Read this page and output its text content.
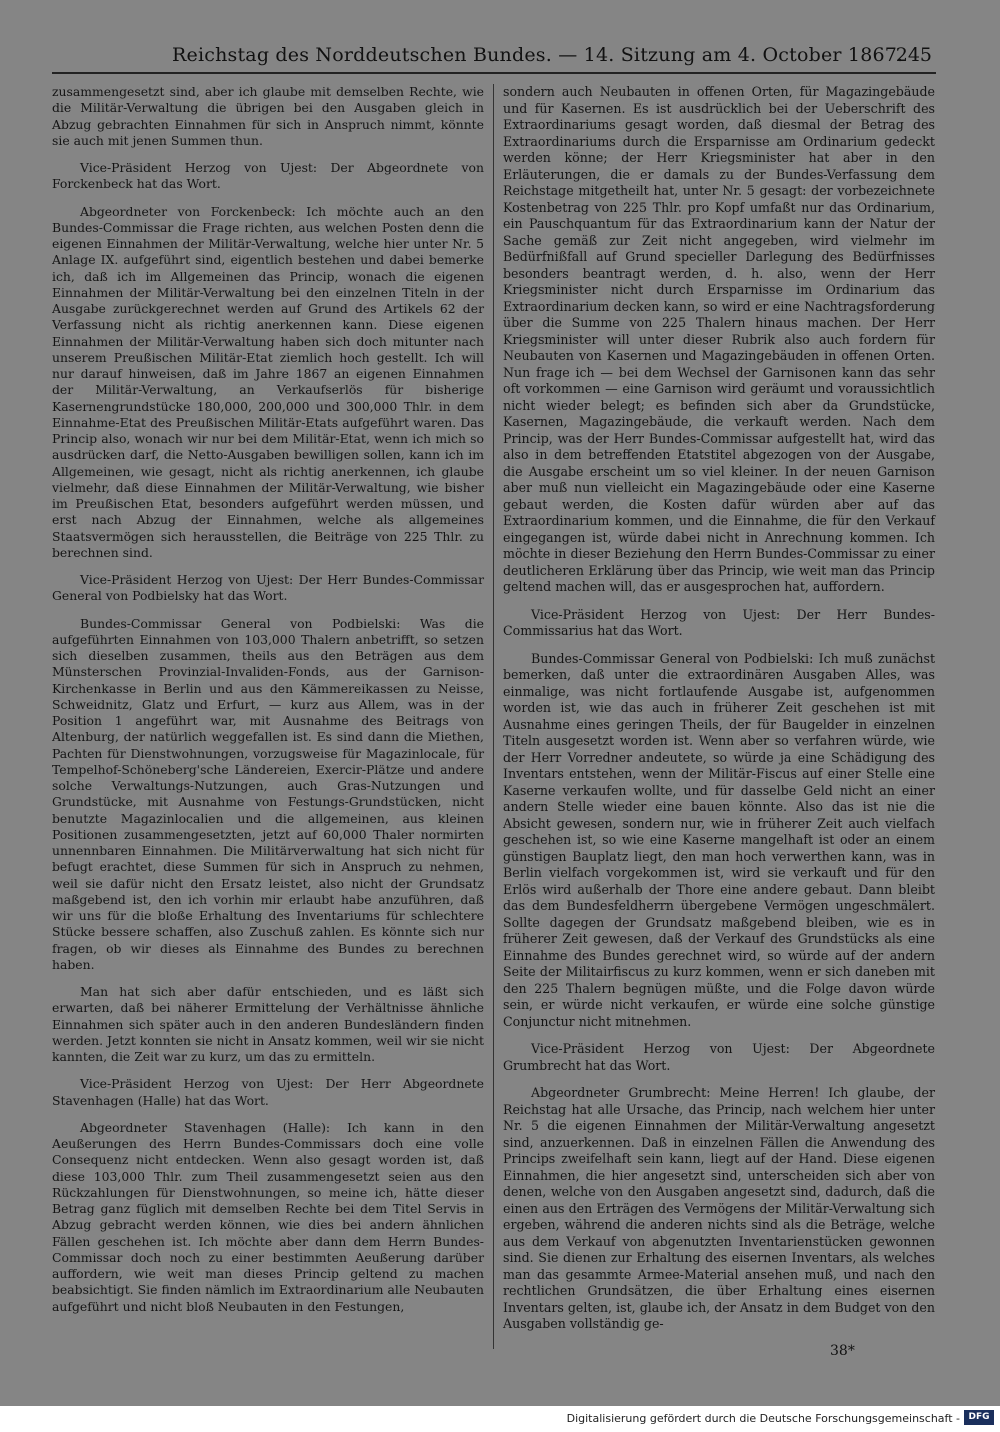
Reichstag des Norddeutschen Bundes. — 14. Sitzung am 4. October 1867.
245

zusammengesetzt sind, aber ich glaube mit demselben Rechte, wie die Militär-Verwaltung die übrigen bei den Ausgaben gleich in Abzug gebrachten Einnahmen für sich in Anspruch nimmt, könnte sie auch mit jenen Summen thun.

Vice-Präsident Herzog von Ujest: Der Abgeordnete von Forckenbeck hat das Wort.

Abgeordneter von Forckenbeck: Ich möchte auch an den Bundes-Commissar die Frage richten, aus welchen Posten denn die eigenen Einnahmen der Militär-Verwaltung, welche hier unter Nr. 5 Anlage IX. aufgeführt sind, eigentlich bestehen und dabei bemerke ich, daß ich im Allgemeinen das Princip, wonach die eigenen Einnahmen der Militär-Verwaltung bei den einzelnen Titeln in der Ausgabe zurückgerechnet werden auf Grund des Artikels 62 der Verfassung nicht als richtig anerkennen kann. Diese eigenen Einnahmen der Militär-Verwaltung haben sich doch mitunter nach unserem Preußischen Militär-Etat ziemlich hoch gestellt. Ich will nur darauf hinweisen, daß im Jahre 1867 an eigenen Einnahmen der Militär-Verwaltung, an Verkaufserlös für bisherige Kasernengrundstücke 180,000, 200,000 und 300,000 Thlr. in dem Einnahme-Etat des Preußischen Militär-Etats aufgeführt waren. Das Princip also, wonach wir nur bei dem Militär-Etat, wenn ich mich so ausdrücken darf, die Netto-Ausgaben bewilligen sollen, kann ich im Allgemeinen, wie gesagt, nicht als richtig anerkennen, ich glaube vielmehr, daß diese Einnahmen der Militär-Verwaltung, wie bisher im Preußischen Etat, besonders aufgeführt werden müssen, und erst nach Abzug der Einnahmen, welche als allgemeines Staatsvermögen sich herausstellen, die Beiträge von 225 Thlr. zu berechnen sind.

Vice-Präsident Herzog von Ujest: Der Herr Bundes-Commissar General von Podbielsky hat das Wort.

Bundes-Commissar General von Podbielski: Was die aufgeführten Einnahmen von 103,000 Thalern anbetrifft, so setzen sich dieselben zusammen, theils aus den Beträgen aus dem Münsterschen Provinzial-Invaliden-Fonds, aus der Garnison-Kirchenkasse in Berlin und aus den Kämmereikassen zu Neisse, Schweidnitz, Glatz und Erfurt, — kurz aus Allem, was in der Position 1 angeführt war, mit Ausnahme des Beitrags von Altenburg, der natürlich weggefallen ist. Es sind dann die Miethen, Pachten für Dienstwohnungen, vorzugsweise für Magazinlocale, für Tempelhof-Schöneberg'sche Ländereien, Exercir-Plätze und andere solche Verwaltungs-Nutzungen, auch Gras-Nutzungen und Grundstücke, mit Ausnahme von Festungs-Grundstücken, nicht benutzte Magazinlocalien und die allgemeinen, aus kleinen Positionen zusammengesetzten, jetzt auf 60,000 Thaler normirten unnennbaren Einnahmen. Die Militärverwaltung hat sich nicht für befugt erachtet, diese Summen für sich in Anspruch zu nehmen, weil sie dafür nicht den Ersatz leistet, also nicht der Grundsatz maßgebend ist, den ich vorhin mir erlaubt habe anzuführen, daß wir uns für die bloße Erhaltung des Inventariums für schlechtere Stücke bessere schaffen, also Zuschuß zahlen. Es könnte sich nur fragen, ob wir dieses als Einnahme des Bundes zu berechnen haben.

Man hat sich aber dafür entschieden, und es läßt sich erwarten, daß bei näherer Ermittelung der Verhältnisse ähnliche Einnahmen sich später auch in den anderen Bundesländern finden werden. Jetzt konnten sie nicht in Ansatz kommen, weil wir sie nicht kannten, die Zeit war zu kurz, um das zu ermitteln.

Vice-Präsident Herzog von Ujest: Der Herr Abgeordnete Stavenhagen (Halle) hat das Wort.

Abgeordneter Stavenhagen (Halle): Ich kann in den Aeußerungen des Herrn Bundes-Commissars doch eine volle Consequenz nicht entdecken. Wenn also gesagt worden ist, daß diese 103,000 Thlr. zum Theil zusammengesetzt seien aus den Rückzahlungen für Dienstwohnungen, so meine ich, hätte dieser Betrag ganz füglich mit demselben Rechte bei dem Titel Servis in Abzug gebracht werden können, wie dies bei andern ähnlichen Fällen geschehen ist. Ich möchte aber dann dem Herrn Bundes-Commissar doch noch zu einer bestimmten Aeußerung darüber auffordern, wie weit man dieses Princip geltend zu machen beabsichtigt. Sie finden nämlich im Extraordinarium alle Neubauten aufgeführt und nicht bloß Neubauten in den Festungen,

sondern auch Neubauten in offenen Orten, für Magazingebäude und für Kasernen. Es ist ausdrücklich bei der Ueberschrift des Extraordinariums gesagt worden, daß diesmal der Betrag des Extraordinariums durch die Ersparnisse am Ordinarium gedeckt werden könne; der Herr Kriegsminister hat aber in den Erläuterungen, die er damals zu der Bundes-Verfassung dem Reichstage mitgetheilt hat, unter Nr. 5 gesagt: der vorbezeichnete Kostenbetrag von 225 Thlr. pro Kopf umfaßt nur das Ordinarium, ein Pauschquantum für das Extraordinarium kann der Natur der Sache gemäß zur Zeit nicht angegeben, wird vielmehr im Bedürfnißfall auf Grund specieller Darlegung des Bedürfnisses besonders beantragt werden, d. h. also, wenn der Herr Kriegsminister nicht durch Ersparnisse im Ordinarium das Extraordinarium decken kann, so wird er eine Nachtragsforderung über die Summe von 225 Thalern hinaus machen. Der Herr Kriegsminister will unter dieser Rubrik also auch fordern für Neubauten von Kasernen und Magazingebäuden in offenen Orten. Nun frage ich — bei dem Wechsel der Garnisonen kann das sehr oft vorkommen — eine Garnison wird geräumt und voraussichtlich nicht wieder belegt; es befinden sich aber da Grundstücke, Kasernen, Magazingebäude, die verkauft werden. Nach dem Princip, was der Herr Bundes-Commissar aufgestellt hat, wird das also in dem betreffenden Etatstitel abgezogen von der Ausgabe, die Ausgabe erscheint um so viel kleiner. In der neuen Garnison aber muß nun vielleicht ein Magazingebäude oder eine Kaserne gebaut werden, die Kosten dafür würden aber auf das Extraordinarium kommen, und die Einnahme, die für den Verkauf eingegangen ist, würde dabei nicht in Anrechnung kommen. Ich möchte in dieser Beziehung den Herrn Bundes-Commissar zu einer deutlicheren Erklärung über das Princip, wie weit man das Princip geltend machen will, das er ausgesprochen hat, auffordern.

Vice-Präsident Herzog von Ujest: Der Herr Bundes-Commissarius hat das Wort.

Bundes-Commissar General von Podbielski: Ich muß zunächst bemerken, daß unter die extraordinären Ausgaben Alles, was einmalige, was nicht fortlaufende Ausgabe ist, aufgenommen worden ist, wie das auch in früherer Zeit geschehen ist mit Ausnahme eines geringen Theils, der für Baugelder in einzelnen Titeln ausgesetzt worden ist. Wenn aber so verfahren würde, wie der Herr Vorredner andeutete, so würde ja eine Schädigung des Inventars entstehen, wenn der Militär-Fiscus auf einer Stelle eine Kaserne verkaufen wollte, und für dasselbe Geld nicht an einer andern Stelle wieder eine bauen könnte. Also das ist nie die Absicht gewesen, sondern nur, wie in früherer Zeit auch vielfach geschehen ist, so wie eine Kaserne mangelhaft ist oder an einem günstigen Bauplatz liegt, den man hoch verwerthen kann, was in Berlin vielfach vorgekommen ist, wird sie verkauft und für den Erlös wird außerhalb der Thore eine andere gebaut. Dann bleibt das dem Bundesfeldherrn übergebene Vermögen ungeschmälert. Sollte dagegen der Grundsatz maßgebend bleiben, wie es in früherer Zeit gewesen, daß der Verkauf des Grundstücks als eine Einnahme des Bundes gerechnet wird, so würde auf der andern Seite der Militairfiscus zu kurz kommen, wenn er sich daneben mit den 225 Thalern begnügen müßte, und die Folge davon würde sein, er würde nicht verkaufen, er würde eine solche günstige Conjunctur nicht mitnehmen.

Vice-Präsident Herzog von Ujest: Der Abgeordnete Grumbrecht hat das Wort.

Abgeordneter Grumbrecht: Meine Herren! Ich glaube, der Reichstag hat alle Ursache, das Princip, nach welchem hier unter Nr. 5 die eigenen Einnahmen der Militär-Verwaltung angesetzt sind, anzuerkennen. Daß in einzelnen Fällen die Anwendung des Princips zweifelhaft sein kann, liegt auf der Hand. Diese eigenen Einnahmen, die hier angesetzt sind, unterscheiden sich aber von denen, welche von den Ausgaben angesetzt sind, dadurch, daß die einen aus den Erträgen des Vermögens der Militär-Verwaltung sich ergeben, während die anderen nichts sind als die Beträge, welche aus dem Verkauf von abgenutzten Inventarienstücken gewonnen sind. Sie dienen zur Erhaltung des eisernen Inventars, als welches man das gesammte Armee-Material ansehen muß, und nach den rechtlichen Grundsätzen, die über Erhaltung eines eisernen Inventars gelten, ist, glaube ich, der Ansatz in dem Budget von den Ausgaben vollständig ge-

38*
Digitalisierung gefördert durch die Deutsche Forschungsgemeinschaft - DFG
